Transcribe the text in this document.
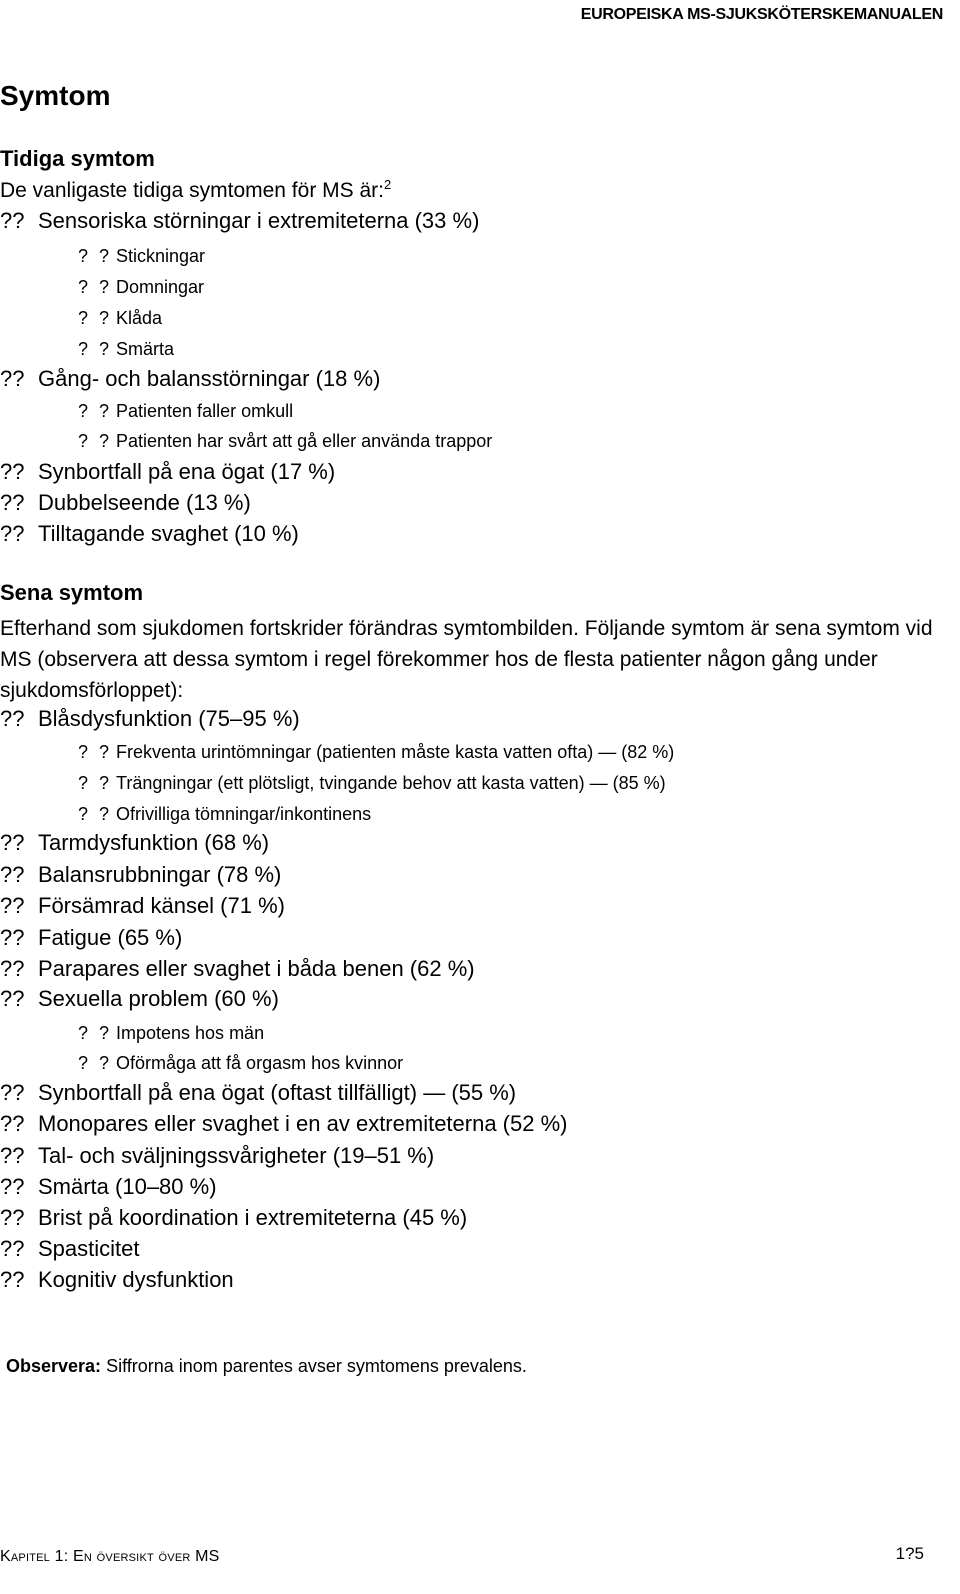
EUROPEISKA MS-SJUKSKÖTERSKEMANUALEN
Symtom
Tidiga symtom
De vanligaste tidiga symtomen för MS är:$^2$
?? Sensoriska störningar i extremiteterna (33 %)
? ? Stickningar
? ? Domningar
? ? Klåda
? ? Smärta
?? Gång- och balansstörningar (18 %)
? ? Patienten faller omkull
? ? Patienten har svårt att gå eller använda trappor
?? Synbortfall på ena ögat (17 %)
?? Dubbelseende (13 %)
?? Tilltagande svaghet (10 %)
Sena symtom
Efterhand som sjukdomen fortskrider förändras symtombilden. Följande symtom är sena symtom vid MS (observera att dessa symtom i regel förekommer hos de flesta patienter någon gång under sjukdomsförloppet):
?? Blåsdysfunktion (75–95 %)
? ? Frekventa urintömningar (patienten måste kasta vatten ofta) — (82 %)
? ? Trängningar (ett plötsligt, tvingande behov att kasta vatten) — (85 %)
? ? Ofrivilliga tömningar/inkontinens
?? Tarmdysfunktion (68 %)
?? Balansrubbningar (78 %)
?? Försämrad känsel (71 %)
?? Fatigue (65 %)
?? Parapares eller svaghet i båda benen (62 %)
?? Sexuella problem (60 %)
? ? Impotens hos män
? ? Oförmåga att få orgasm hos kvinnor
?? Synbortfall på ena ögat (oftast tillfälligt) — (55 %)
?? Monopares eller svaghet i en av extremiteterna (52 %)
?? Tal- och sväljningssvårigheter (19–51 %)
?? Smärta (10–80 %)
?? Brist på koordination i extremiteterna (45 %)
?? Spasticitet
?? Kognitiv dysfunktion
Observera: Siffrorna inom parentes avser symtomens prevalens.
Kapitel 1: En översikt över MS	1?5
